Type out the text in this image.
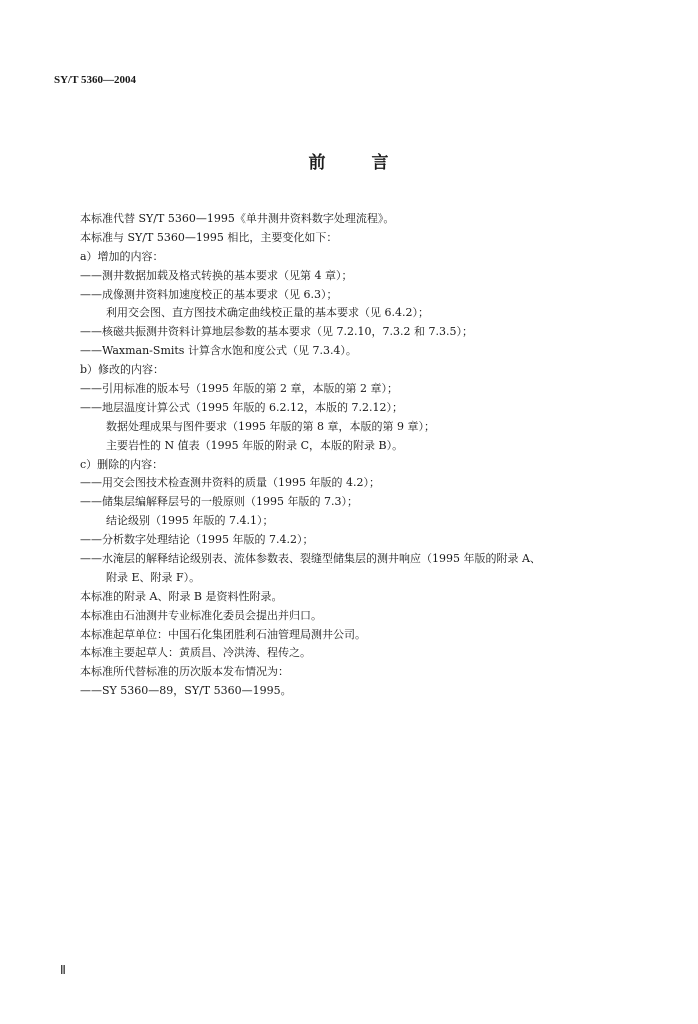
SY/T 5360—2004
前 言
本标准代替 SY/T 5360—1995《单井测井资料数字处理流程》。
本标准与 SY/T 5360—1995 相比，主要变化如下：
a）增加的内容：
——测井数据加载及格式转换的基本要求（见第 4 章）；
——成像测井资料加速度校正的基本要求（见 6.3）；
利用交会图、直方图技术确定曲线校正量的基本要求（见 6.4.2）；
——核磁共振测井资料计算地层参数的基本要求（见 7.2.10，7.3.2 和 7.3.5）；
——Waxman-Smits 计算含水饱和度公式（见 7.3.4）。
b）修改的内容：
——引用标准的版本号（1995 年版的第 2 章，本版的第 2 章）；
——地层温度计算公式（1995 年版的 6.2.12，本版的 7.2.12）；
数据处理成果与图件要求（1995 年版的第 8 章，本版的第 9 章）；
主要岩性的 N 值表（1995 年版的附录 C，本版的附录 B）。
c）删除的内容：
——用交会图技术检查测井资料的质量（1995 年版的 4.2）；
——储集层编解释层号的一般原则（1995 年版的 7.3）；
结论级别（1995 年版的 7.4.1）；
——分析数字处理结论（1995 年版的 7.4.2）；
——水淹层的解释结论级别表、流体参数表、裂缝型储集层的测井响应（1995 年版的附录 A、
附录 E、附录 F）。
本标准的附录 A、附录 B 是资料性附录。
本标准由石油测井专业标准化委员会提出并归口。
本标准起草单位：中国石化集团胜利石油管理局测井公司。
本标准主要起草人：黄质昌、冷洪涛、程传之。
本标准所代替标准的历次版本发布情况为：
——SY 5360—89，SY/T 5360—1995。
Ⅱ
